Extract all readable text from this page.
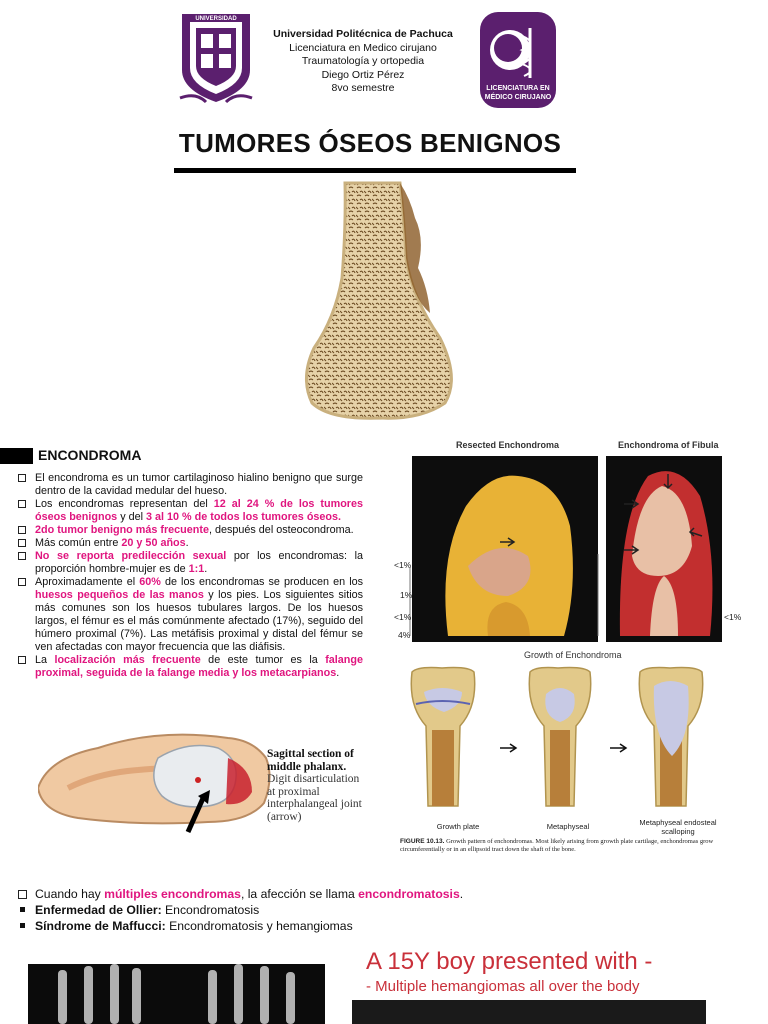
UNIVERSIDAD
Universidad Politécnica de Pachuca
Licenciatura en Medico cirujano
Traumatología y ortopedia
Diego Ortiz Pérez
8vo semestre	LICENCIATURA EN
MÉDICO CIRUJANO
TUMORES ÓSEOS BENIGNOS
ENCONDROMA
El encondroma es un tumor cartilaginoso hialino benigno que surge dentro de la cavidad medular del hueso.
Los encondromas representan del 12 al 24 % de los tumores óseos benignos y del 3 al 10 % de todos los tumores óseos.
2do tumor benigno más frecuente, después del osteocondroma.
Más común entre 20 y 50 años.
No se reporta predilección sexual por los encondromas: la proporción hombre-mujer es de 1:1.
Aproximadamente el 60% de los encondromas se producen en los huesos pequeños de las manos y los pies. Los siguientes sitios más comunes son los huesos tubulares largos. De los huesos largos, el fémur es el más comúnmente afectado (17%), seguido del húmero proximal (7%). Las metáfisis proximal y distal del fémur se ven afectadas con mayor frecuencia que las diáfisis.
La localización más frecuente de este tumor es la falange proximal, seguida de la falange media y los metacarpianos.
Sagittal section of middle phalanx.
Digit disarticulation at proximal interphalangeal joint (arrow)
Resected Enchondroma	Enchondroma of Fibula
<1%
1%
<1%
4%
<1%
Growth of Enchondroma
Growth plate	Metaphyseal	Metaphyseal endosteal scalloping
FIGURE 10.13. Growth pattern of enchondromas. Most likely arising from growth plate cartilage, enchondromas grow circumferentially or in an ellipsoid tract down the shaft of the bone.
Cuando hay múltiples encondromas, la afección se llama encondromatosis.
Enfermedad de Ollier: Encondromatosis
Síndrome de Maffucci: Encondromatosis y hemangiomas
A 15Y boy presented with -
- Multiple hemangiomas all over the body
